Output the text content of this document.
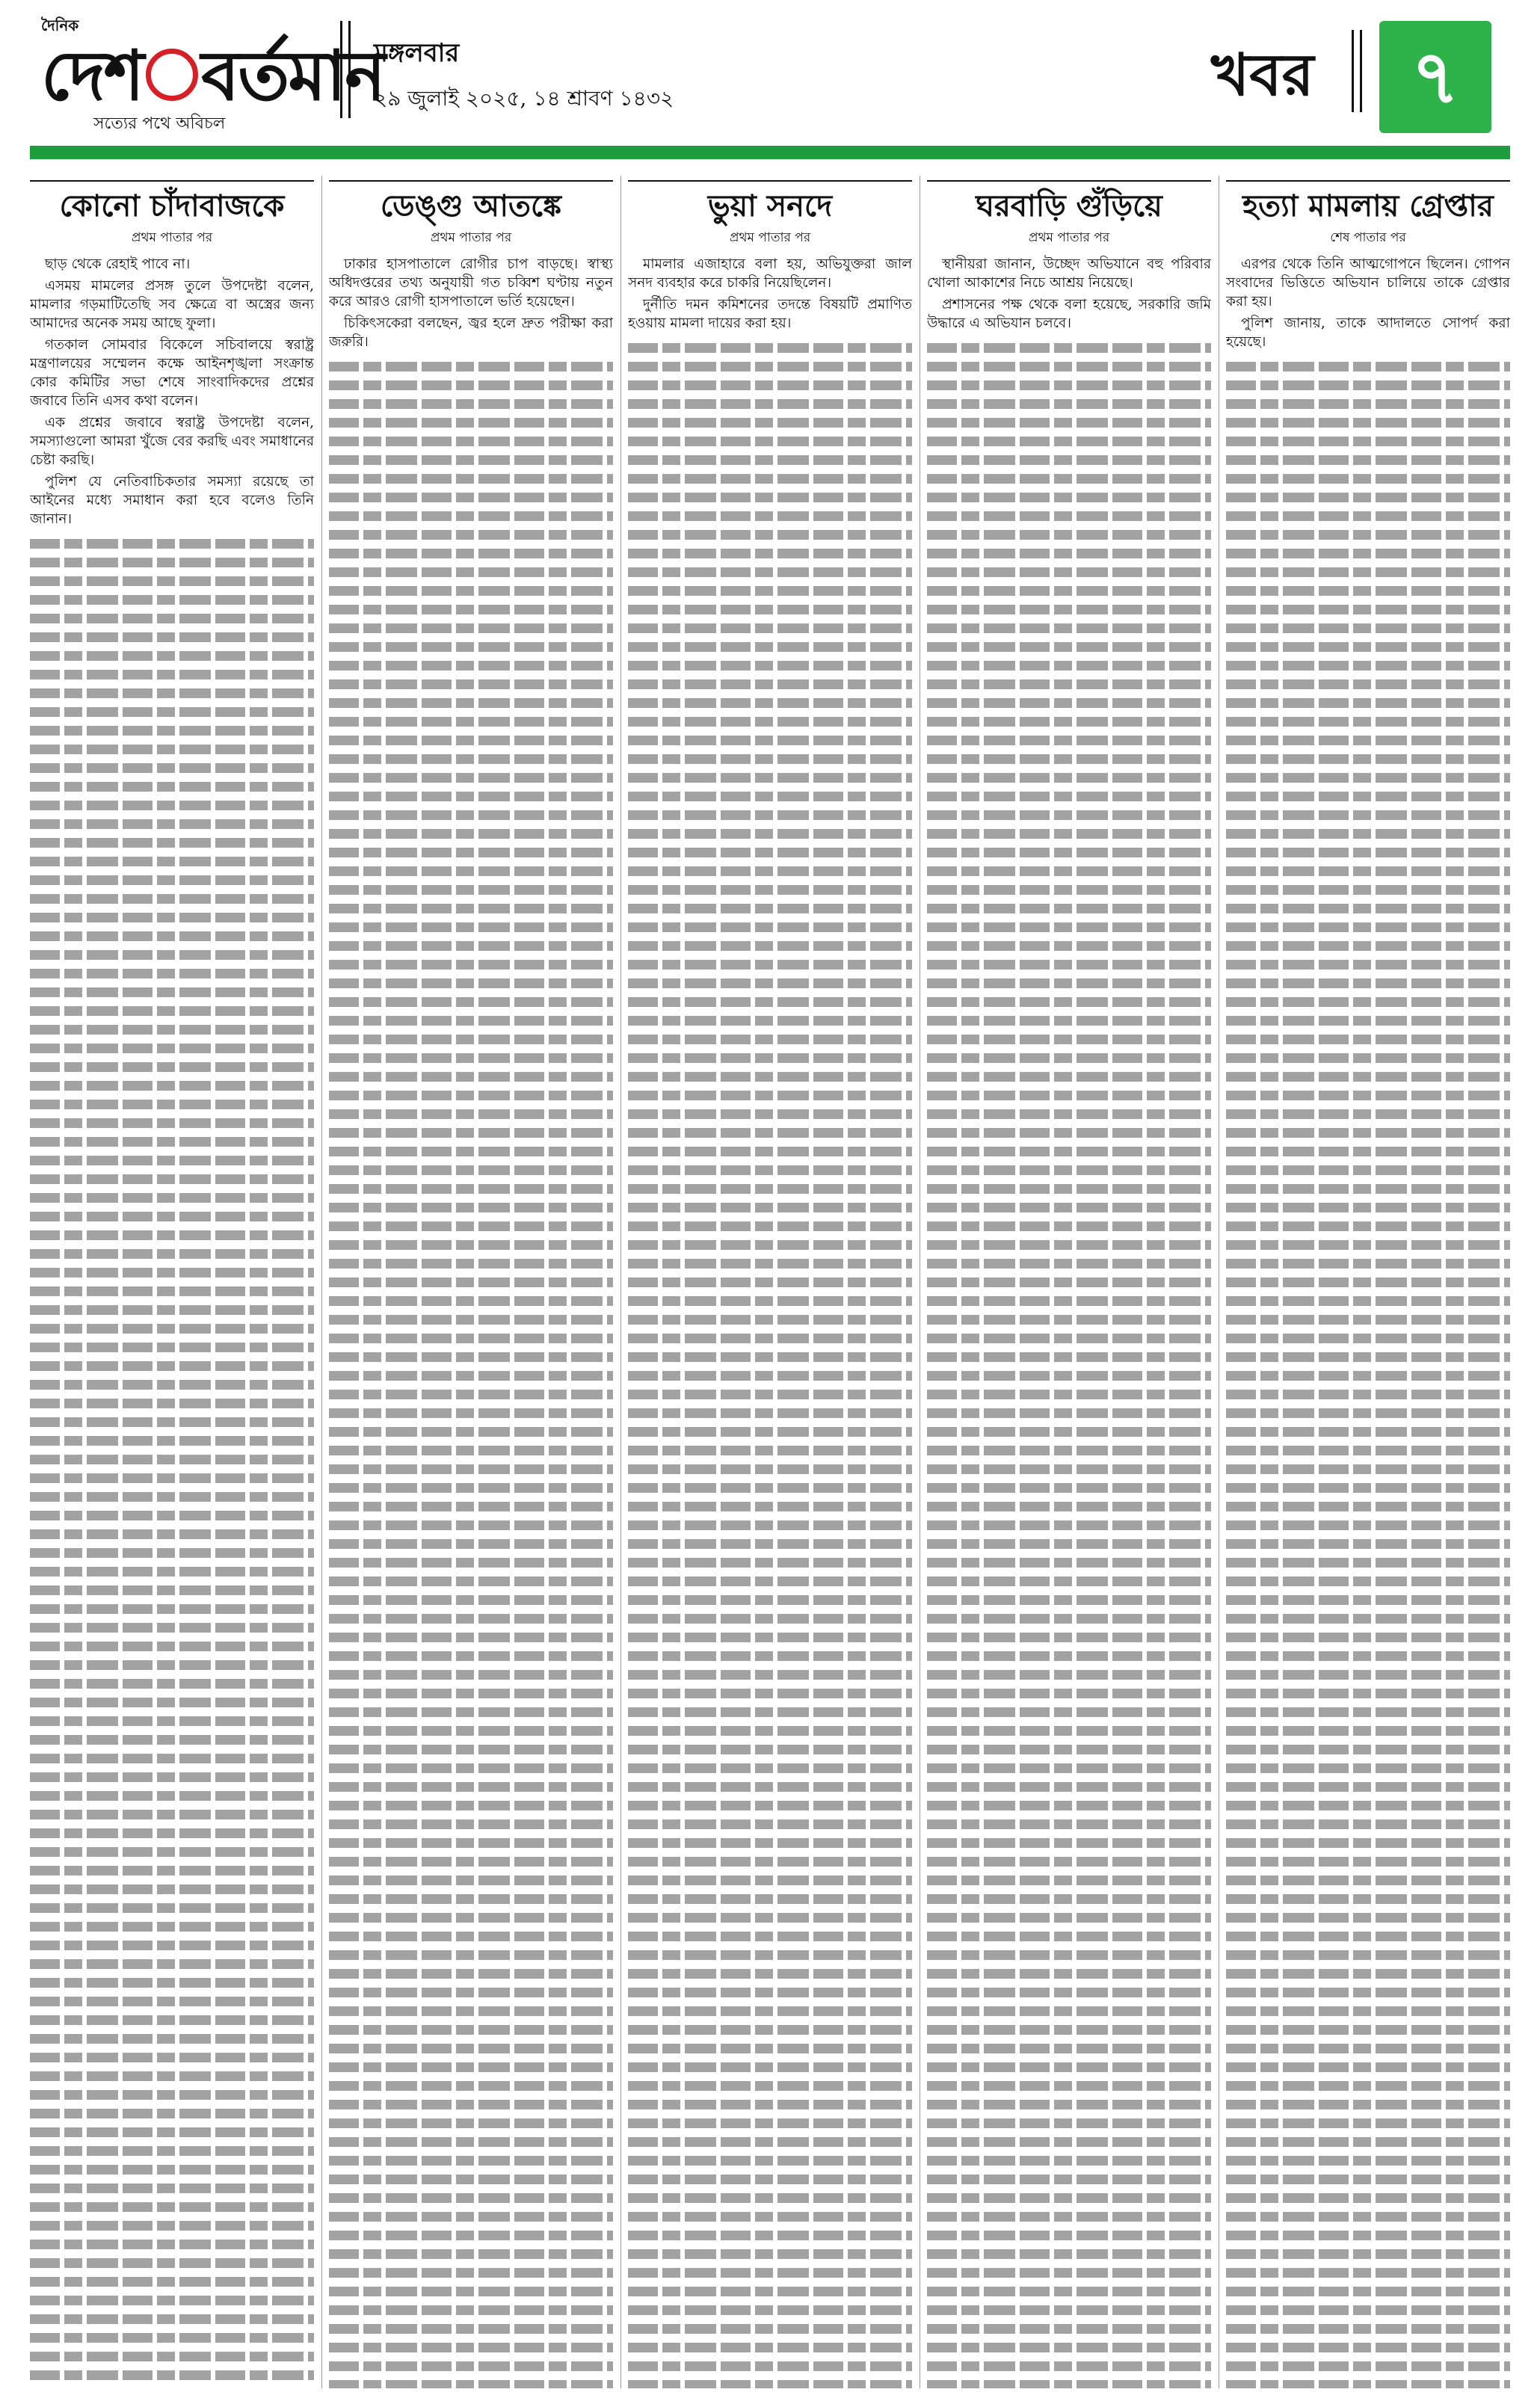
দৈনিক
দেশ বর্তমান
সত্যের পথে অবিচল
মঙ্গলবার
২৯ জুলাই ২০২৫, ১৪ শ্রাবণ ১৪৩২	খবর	৭
কোনো চাঁদাবাজকে
প্রথম পাতার পর

ছাড় থেকে রেহাই পাবে না।

এসময় মামলের প্রসঙ্গ তুলে উপদেষ্টা বলেন, মামলার গড়মাটিতেছি সব ক্ষেত্রে বা অস্ত্রের জন্য আমাদের অনেক সময় আছে ফুলা।

গতকাল সোমবার বিকেলে সচিবালয়ে স্বরাষ্ট্র মন্ত্রণালয়ের সম্মেলন কক্ষে আইনশৃঙ্খলা সংক্রান্ত কোর কমিটির সভা শেষে সাংবাদিকদের প্রশ্নের জবাবে তিনি এসব কথা বলেন।

এক প্রশ্নের জবাবে স্বরাষ্ট্র উপদেষ্টা বলেন, সমস্যাগুলো আমরা খুঁজে বের করছি এবং সমাধানের চেষ্টা করছি।

পুলিশ যে নেতিবাচিকতার সমস্যা রয়েছে তা আইনের মধ্যে সমাধান করা হবে বলেও তিনি জানান।

ডেঙ্গু আতঙ্কে
প্রথম পাতার পর

ঢাকার হাসপাতালে রোগীর চাপ বাড়ছে। স্বাস্থ্য অধিদপ্তরের তথ্য অনুযায়ী গত চব্বিশ ঘণ্টায় নতুন করে আরও রোগী হাসপাতালে ভর্তি হয়েছেন।

চিকিৎসকেরা বলছেন, জ্বর হলে দ্রুত পরীক্ষা করা জরুরি।

ভুয়া সনদে
প্রথম পাতার পর

মামলার এজাহারে বলা হয়, অভিযুক্তরা জাল সনদ ব্যবহার করে চাকরি নিয়েছিলেন।

দুর্নীতি দমন কমিশনের তদন্তে বিষয়টি প্রমাণিত হওয়ায় মামলা দায়ের করা হয়।

ঘরবাড়ি গুঁড়িয়ে
প্রথম পাতার পর

স্থানীয়রা জানান, উচ্ছেদ অভিযানে বহু পরিবার খোলা আকাশের নিচে আশ্রয় নিয়েছে।

প্রশাসনের পক্ষ থেকে বলা হয়েছে, সরকারি জমি উদ্ধারে এ অভিযান চলবে।

হত্যা মামলায় গ্রেপ্তার
শেষ পাতার পর

এরপর থেকে তিনি আত্মগোপনে ছিলেন। গোপন সংবাদের ভিত্তিতে অভিযান চালিয়ে তাকে গ্রেপ্তার করা হয়।

পুলিশ জানায়, তাকে আদালতে সোপর্দ করা হয়েছে।
